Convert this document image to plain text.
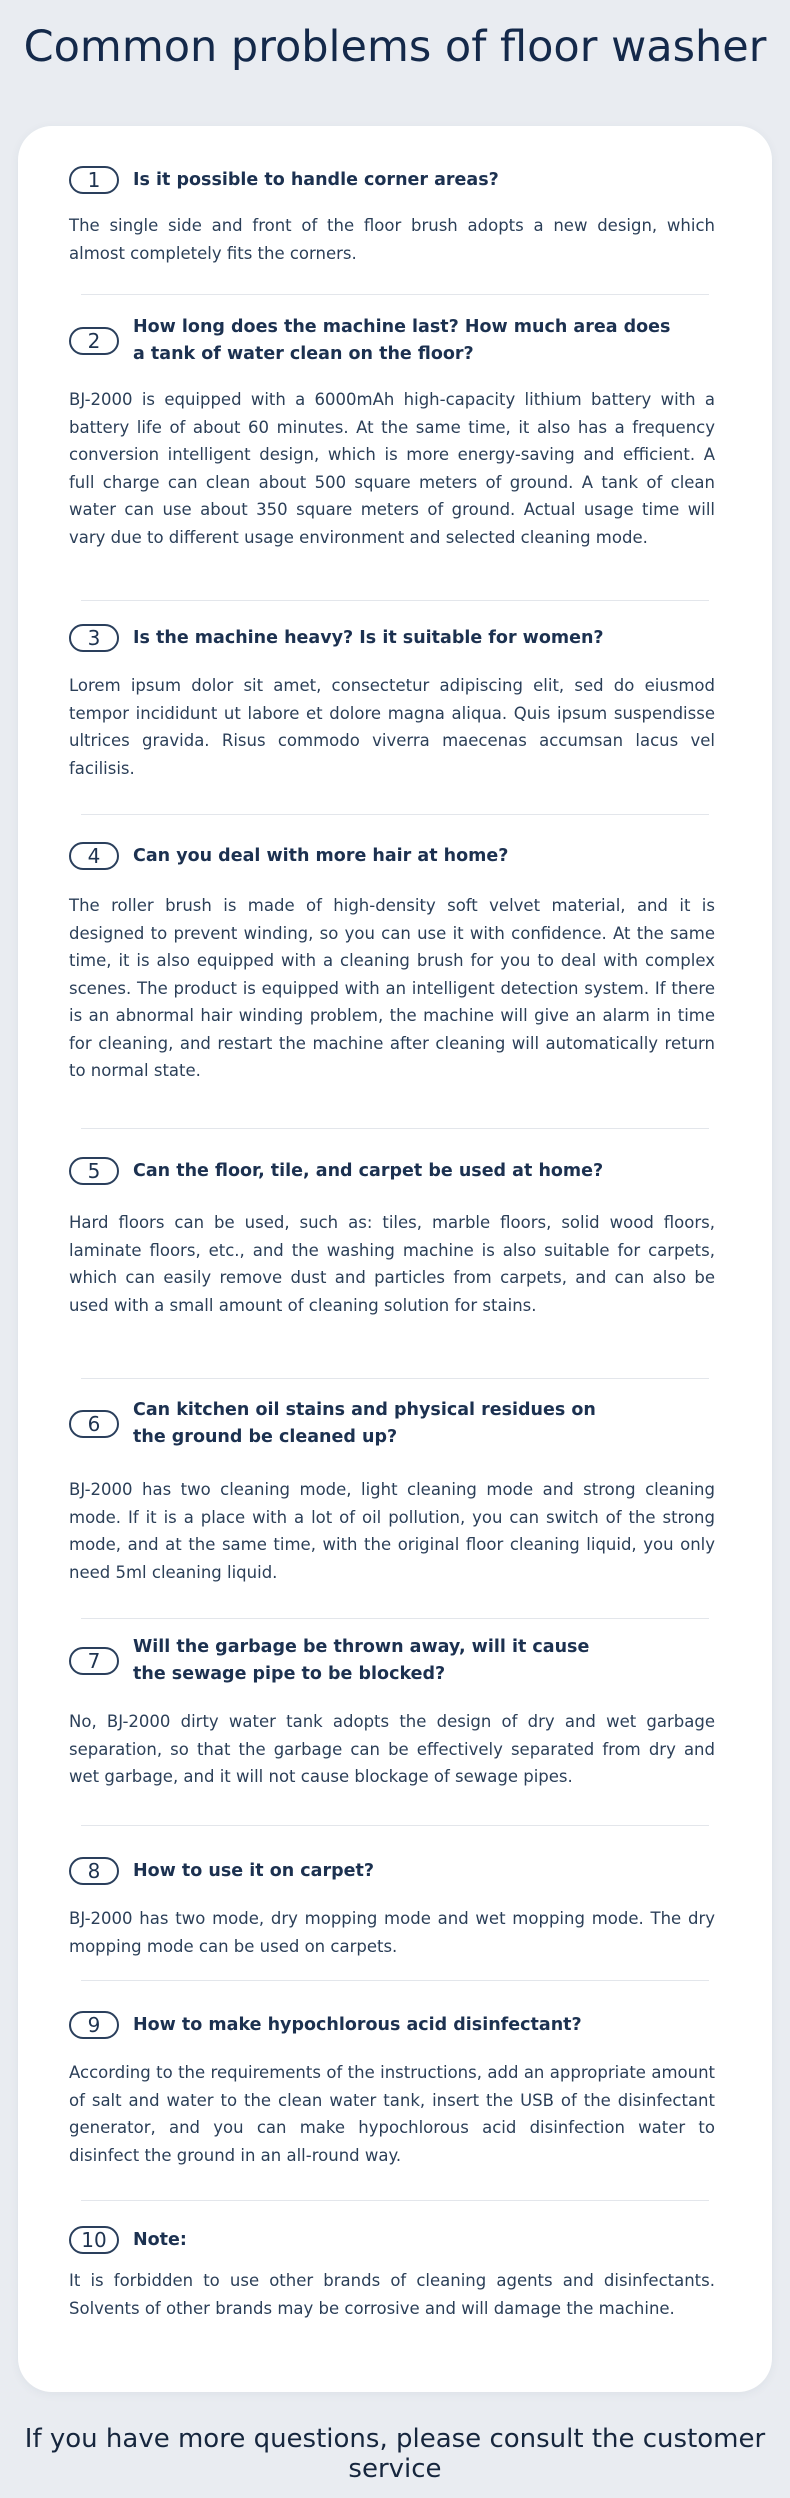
Common problems of floor washer
1	Is it possible to handle corner areas?
The single side and front of the floor brush adopts a new design, which almost completely fits the corners.
2
How long does the machine last? How much area does a tank of water clean on the floor?
BJ-2000 is equipped with a 6000mAh high-capacity lithium battery with a battery life of about 60 minutes. At the same time, it also has a frequency conversion intelligent design, which is more energy-saving and efficient. A full charge can clean about 500 square meters of ground. A tank of clean water can use about 350 square meters of ground. Actual usage time will vary due to different usage environment and selected cleaning mode.
3	Is the machine heavy? Is it suitable for women?
Lorem ipsum dolor sit amet, consectetur adipiscing elit, sed do eiusmod tempor incididunt ut labore et dolore magna aliqua. Quis ipsum suspendisse ultrices gravida. Risus commodo viverra maecenas accumsan lacus vel facilisis.
4	Can you deal with more hair at home?
The roller brush is made of high-density soft velvet material, and it is designed to prevent winding, so you can use it with confidence. At the same time, it is also equipped with a cleaning brush for you to deal with complex scenes. The product is equipped with an intelligent detection system. If there is an abnormal hair winding problem, the machine will give an alarm in time for cleaning, and restart the machine after cleaning will automatically return to normal state.
5	Can the floor, tile, and carpet be used at home?
Hard floors can be used, such as: tiles, marble floors, solid wood floors, laminate floors, etc., and the washing machine is also suitable for carpets, which can easily remove dust and particles from carpets, and can also be used with a small amount of cleaning solution for stains.
6
Can kitchen oil stains and physical residues on the ground be cleaned up?
BJ-2000 has two cleaning mode, light cleaning mode and strong cleaning mode. If it is a place with a lot of oil pollution, you can switch of the strong mode, and at the same time, with the original floor cleaning liquid, you only need 5ml cleaning liquid.
7
Will the garbage be thrown away, will it cause the sewage pipe to be blocked?
No, BJ-2000 dirty water tank adopts the design of dry and wet garbage separation, so that the garbage can be effectively separated from dry and wet garbage, and it will not cause blockage of sewage pipes.
8	How to use it on carpet?
BJ-2000 has two mode, dry mopping mode and wet mopping mode. The dry mopping mode can be used on carpets.
9	How to make hypochlorous acid disinfectant?
According to the requirements of the instructions, add an appropriate amount of salt and water to the clean water tank, insert the USB of the disinfectant generator, and you can make hypochlorous acid disinfection water to disinfect the ground in an all-round way.
10	Note:
It is forbidden to use other brands of cleaning agents and disinfectants. Solvents of other brands may be corrosive and will damage the machine.
If you have more questions, please consult the customer service
